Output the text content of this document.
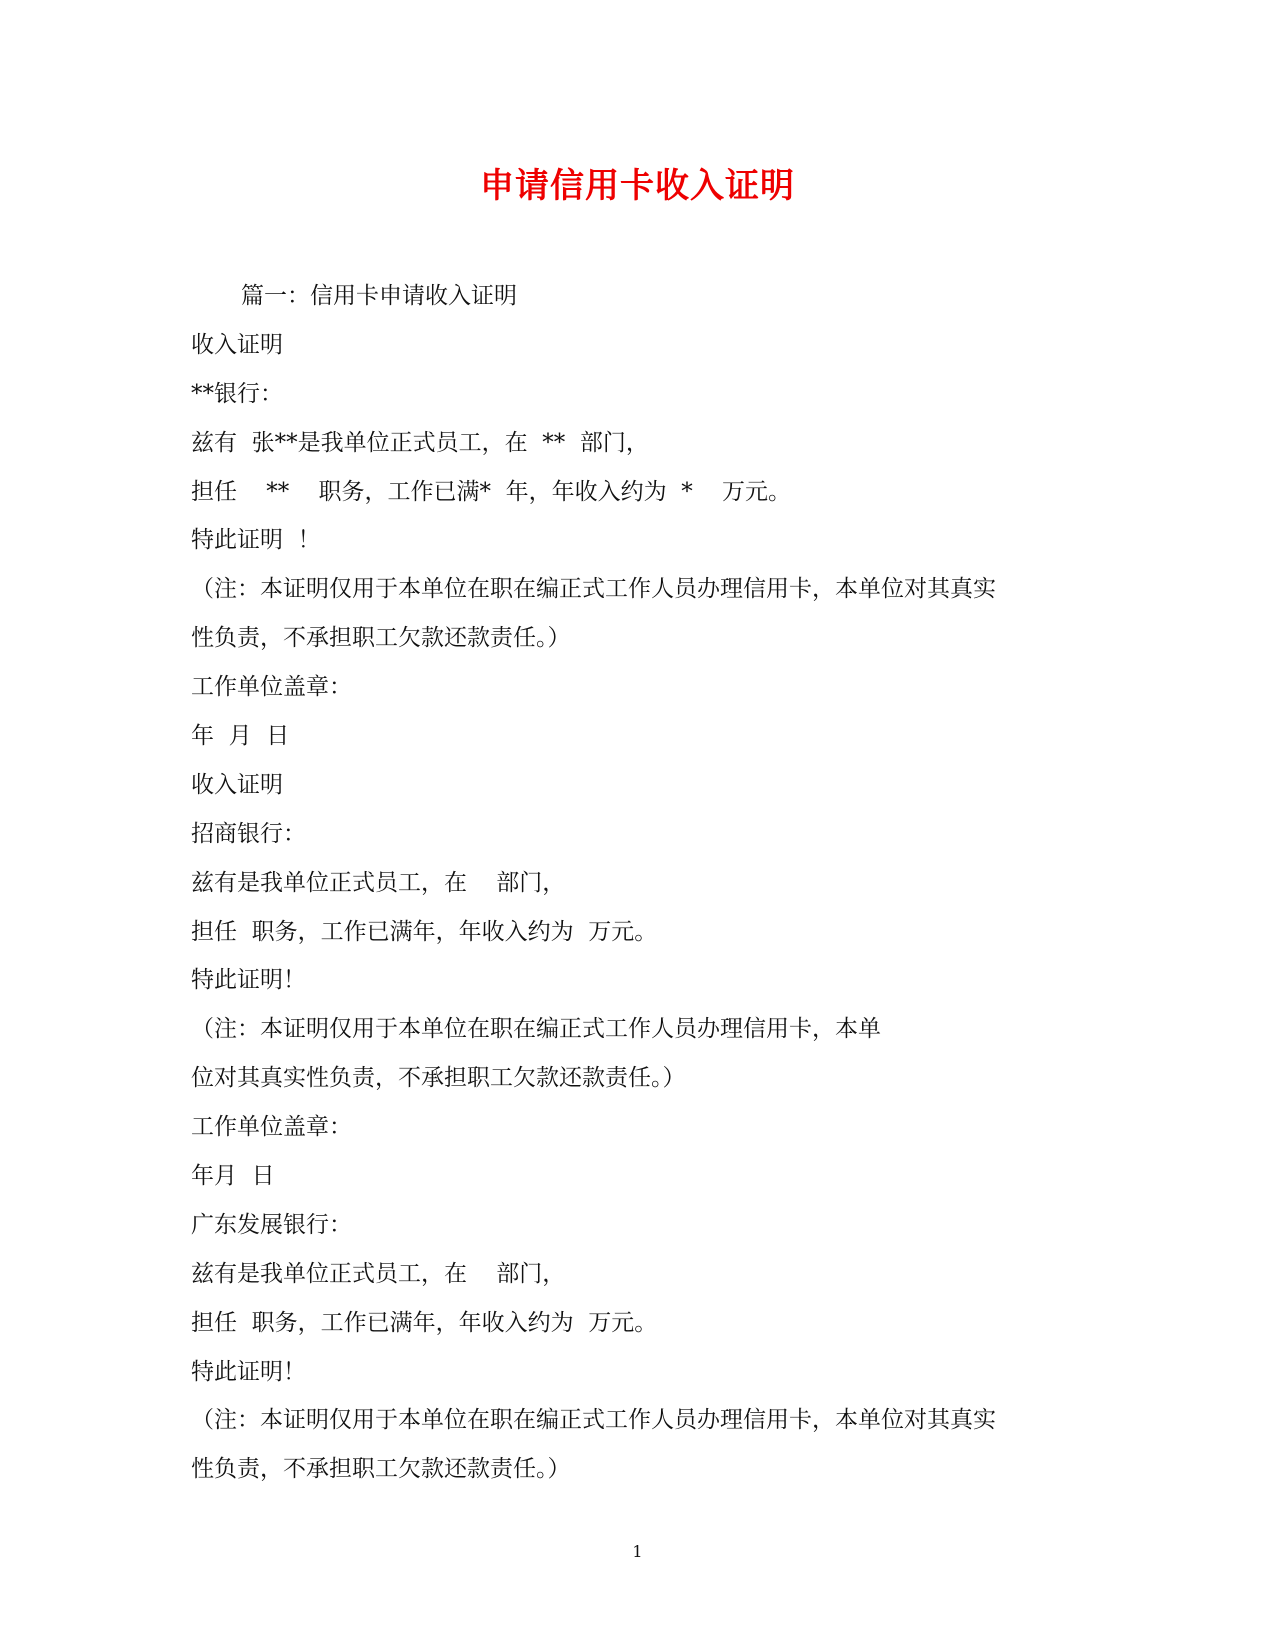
申请信用卡收入证明
篇一：信用卡申请收入证明
收入证明
**银行：
兹有  张**是我单位正式员工，在  **  部门，
担任    **    职务，工作已满*  年，年收入约为  *    万元。
特此证明  ！
（注：本证明仅用于本单位在职在编正式工作人员办理信用卡，本单位对其真实
性负责，不承担职工欠款还款责任。）
工作单位盖章：
年  月  日
收入证明
招商银行：
兹有是我单位正式员工，在    部门，
担任  职务，工作已满年，年收入约为  万元。
特此证明！
（注：本证明仅用于本单位在职在编正式工作人员办理信用卡，本单
位对其真实性负责，不承担职工欠款还款责任。）
工作单位盖章：
年月  日
广东发展银行：
兹有是我单位正式员工，在    部门，
担任  职务，工作已满年，年收入约为  万元。
特此证明！
（注：本证明仅用于本单位在职在编正式工作人员办理信用卡，本单位对其真实
性负责，不承担职工欠款还款责任。）
1
